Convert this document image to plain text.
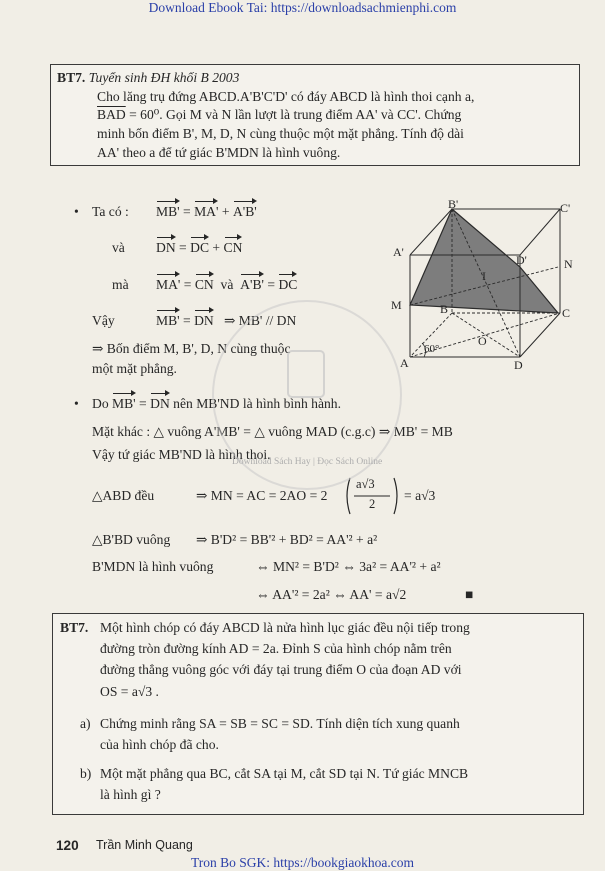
Download Ebook Tai: https://downloadsachmienphi.com
BT7. Tuyển sinh ĐH khối B 2003
Cho lăng trụ đứng ABCD.A'B'C'D' có đáy ABCD là hình thoi cạnh a,
$\overline{BAD} = 60^0$. Gọi M và N lần lượt là trung điểm AA' và CC'. Chứng
minh bốn điểm B', M, D, N cùng thuộc một mặt phẳng. Tính độ dài
AA' theo a để tứ giác B'MDN là hình vuông.
• Ta có : MB' = MA' + A'B'
và DN = DC + CN
mà MA' = CN và A'B' = DC
Vậy	MB' = DN ⇒ MB' // DN
⇒ Bốn điểm M, B', D, N cùng thuộc
một mặt phẳng.
• Do MB' = DN nên MB'ND là hình bình hành.
Mặt khác : △ vuông A'MB' = △ vuông MAD (c.g.c) ⇒ MB' = MB
Vậy tứ giác MB'ND là hình thoi.
△ABD đều	⇒ MN = AC = 2AO = 2
a√3
2
= a√3
△B'BD vuông ⇒ B'D² = BB'² + BD² = AA'² + a²
B'MDN là hình vuông	⇔ MN² = B'D² ⇔ 3a² = AA'² + a²
⇔ AA'² = 2a² ⇔ AA' = a√2	■
B'	C'
A'
D'	N
I
M	B	C
60°
O
A	D
Download Sách Hay | Đọc Sách Online
BT7. Một hình chóp có đáy ABCD là nửa hình lục giác đều nội tiếp trong
đường tròn đường kính AD = 2a. Đỉnh S của hình chóp nằm trên
đường thẳng vuông góc với đáy tại trung điểm O của đoạn AD với
OS = a√3 .
a) Chứng minh rằng SA = SB = SC = SD. Tính diện tích xung quanh
của hình chóp đã cho.
b) Một mặt phẳng qua BC, cắt SA tại M, cắt SD tại N. Tứ giác MNCB
là hình gì ?
120 Trần Minh Quang
Tron Bo SGK: https://bookgiaokhoa.com
